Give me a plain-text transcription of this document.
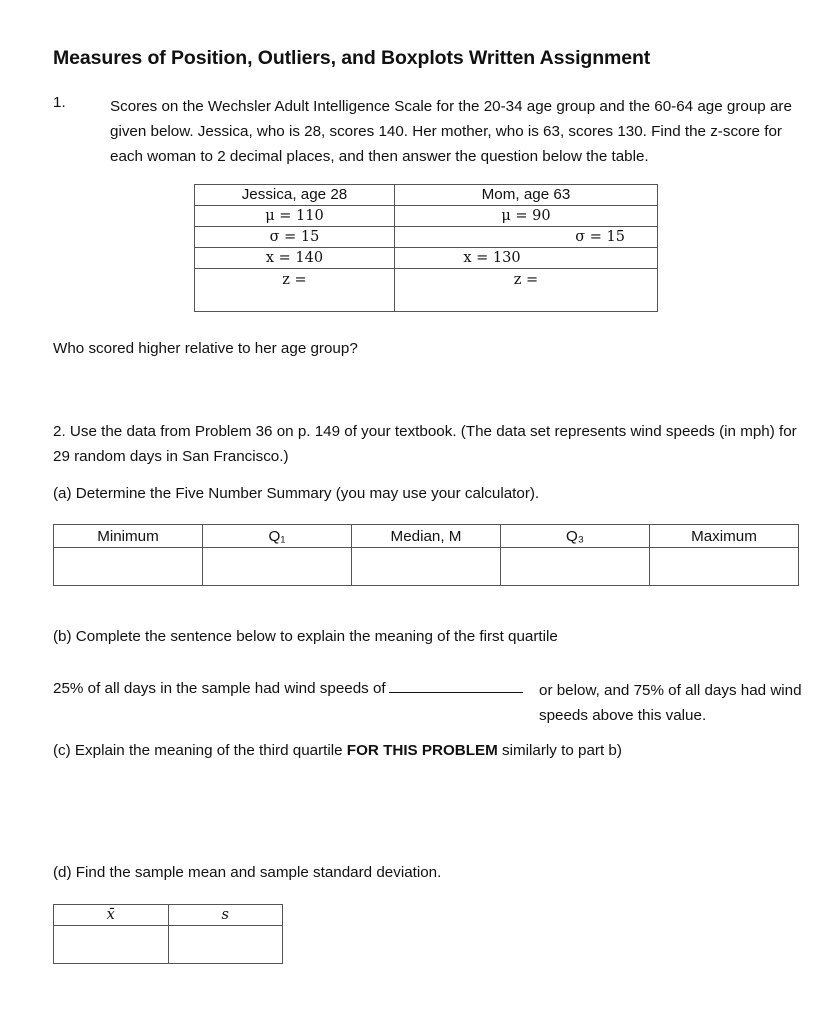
Measures of Position, Outliers, and Boxplots Written Assignment
1.	Scores on the Wechsler Adult Intelligence Scale for the 20-34 age group and the 60-64 age group are given below. Jessica, who is 28, scores 140. Her mother, who is 63, scores 130. Find the z-score for each woman to 2 decimal places, and then answer the question below the table.
Jessica, age 28	Mom, age 63
μ = 110	μ = 90
σ = 15	σ = 15
x = 140	x = 130
z =	z =
Who scored higher relative to her age group?
2. Use the data from Problem 36 on p. 149 of your textbook. (The data set represents wind speeds (in mph) for 29 random days in San Francisco.)
(a) Determine the Five Number Summary (you may use your calculator).
Minimum	Q₁	Median, M	Q₃	Maximum

(b) Complete the sentence below to explain the meaning of the first quartile
25% of all days in the sample had wind speeds of	or below, and 75% of all days had wind speeds above this value.
(c) Explain the meaning of the third quartile FOR THIS PROBLEM similarly to part b)
(d) Find the sample mean and sample standard deviation.
x̄	s
